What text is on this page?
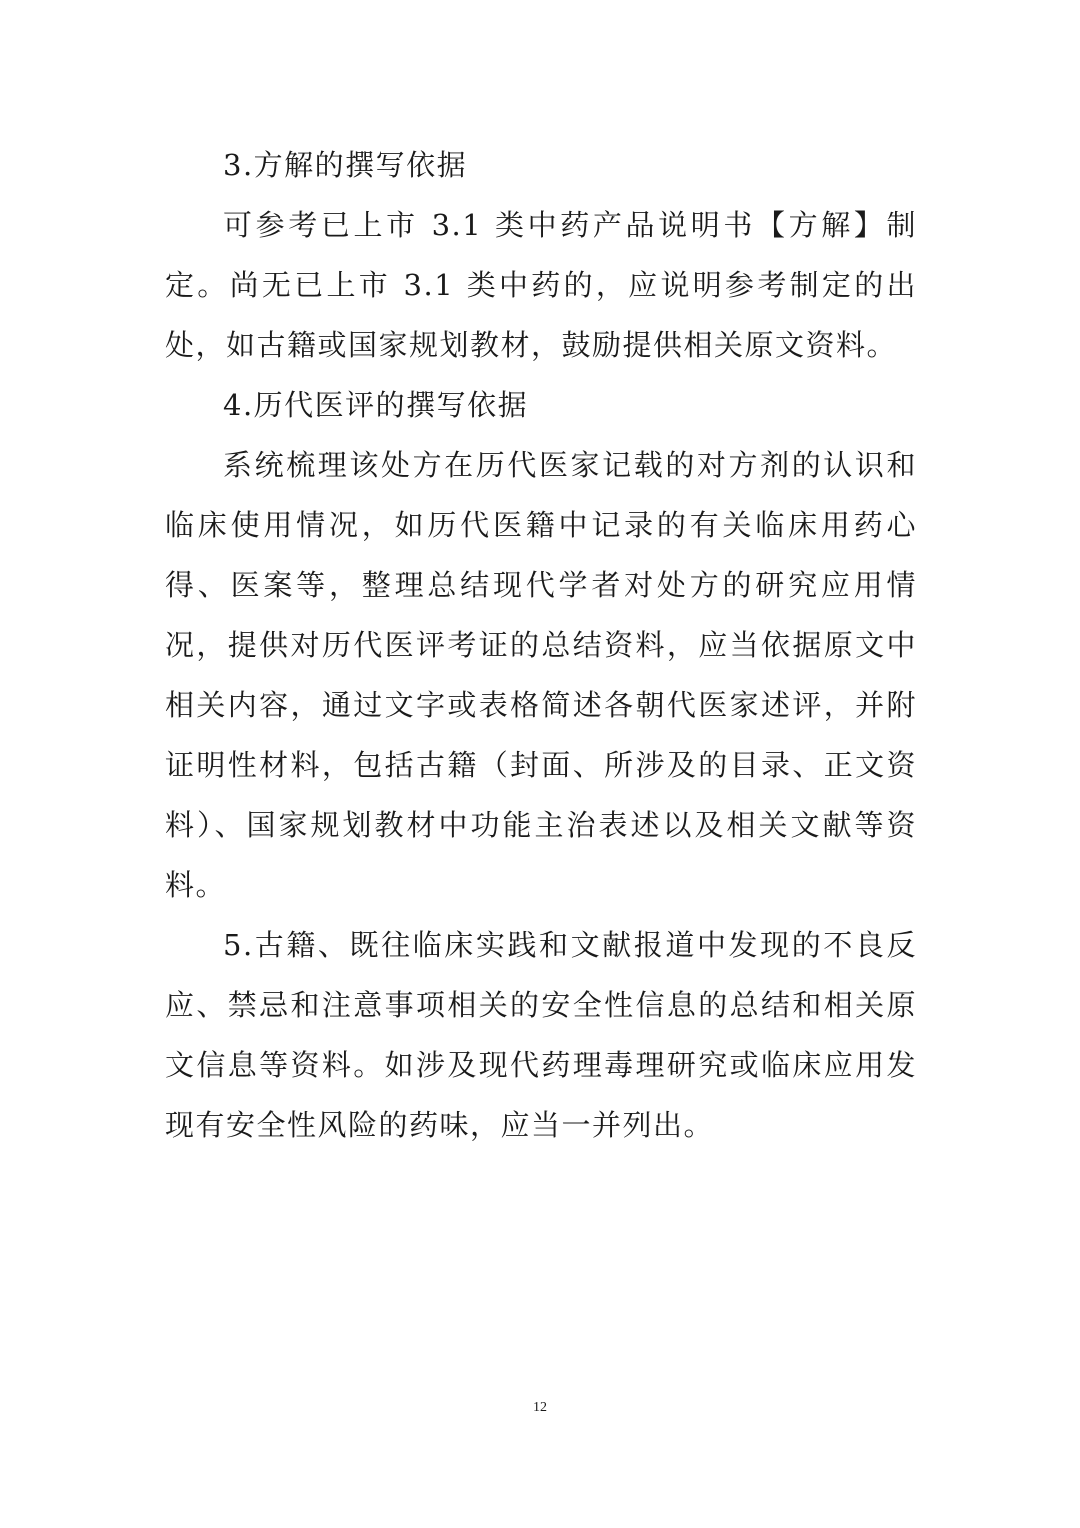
3.方解的撰写依据

可参考已上市 3.1 类中药产品说明书【方解】制定。尚无已上市 3.1 类中药的，应说明参考制定的出处，如古籍或国家规划教材，鼓励提供相关原文资料。

4.历代医评的撰写依据

系统梳理该处方在历代医家记载的对方剂的认识和临床使用情况，如历代医籍中记录的有关临床用药心得、医案等，整理总结现代学者对处方的研究应用情况，提供对历代医评考证的总结资料，应当依据原文中相关内容，通过文字或表格简述各朝代医家述评，并附证明性材料，包括古籍（封面、所涉及的目录、正文资料）、国家规划教材中功能主治表述以及相关文献等资料。

5.古籍、既往临床实践和文献报道中发现的不良反应、禁忌和注意事项相关的安全性信息的总结和相关原文信息等资料。如涉及现代药理毒理研究或临床应用发现有安全性风险的药味，应当一并列出。

12
